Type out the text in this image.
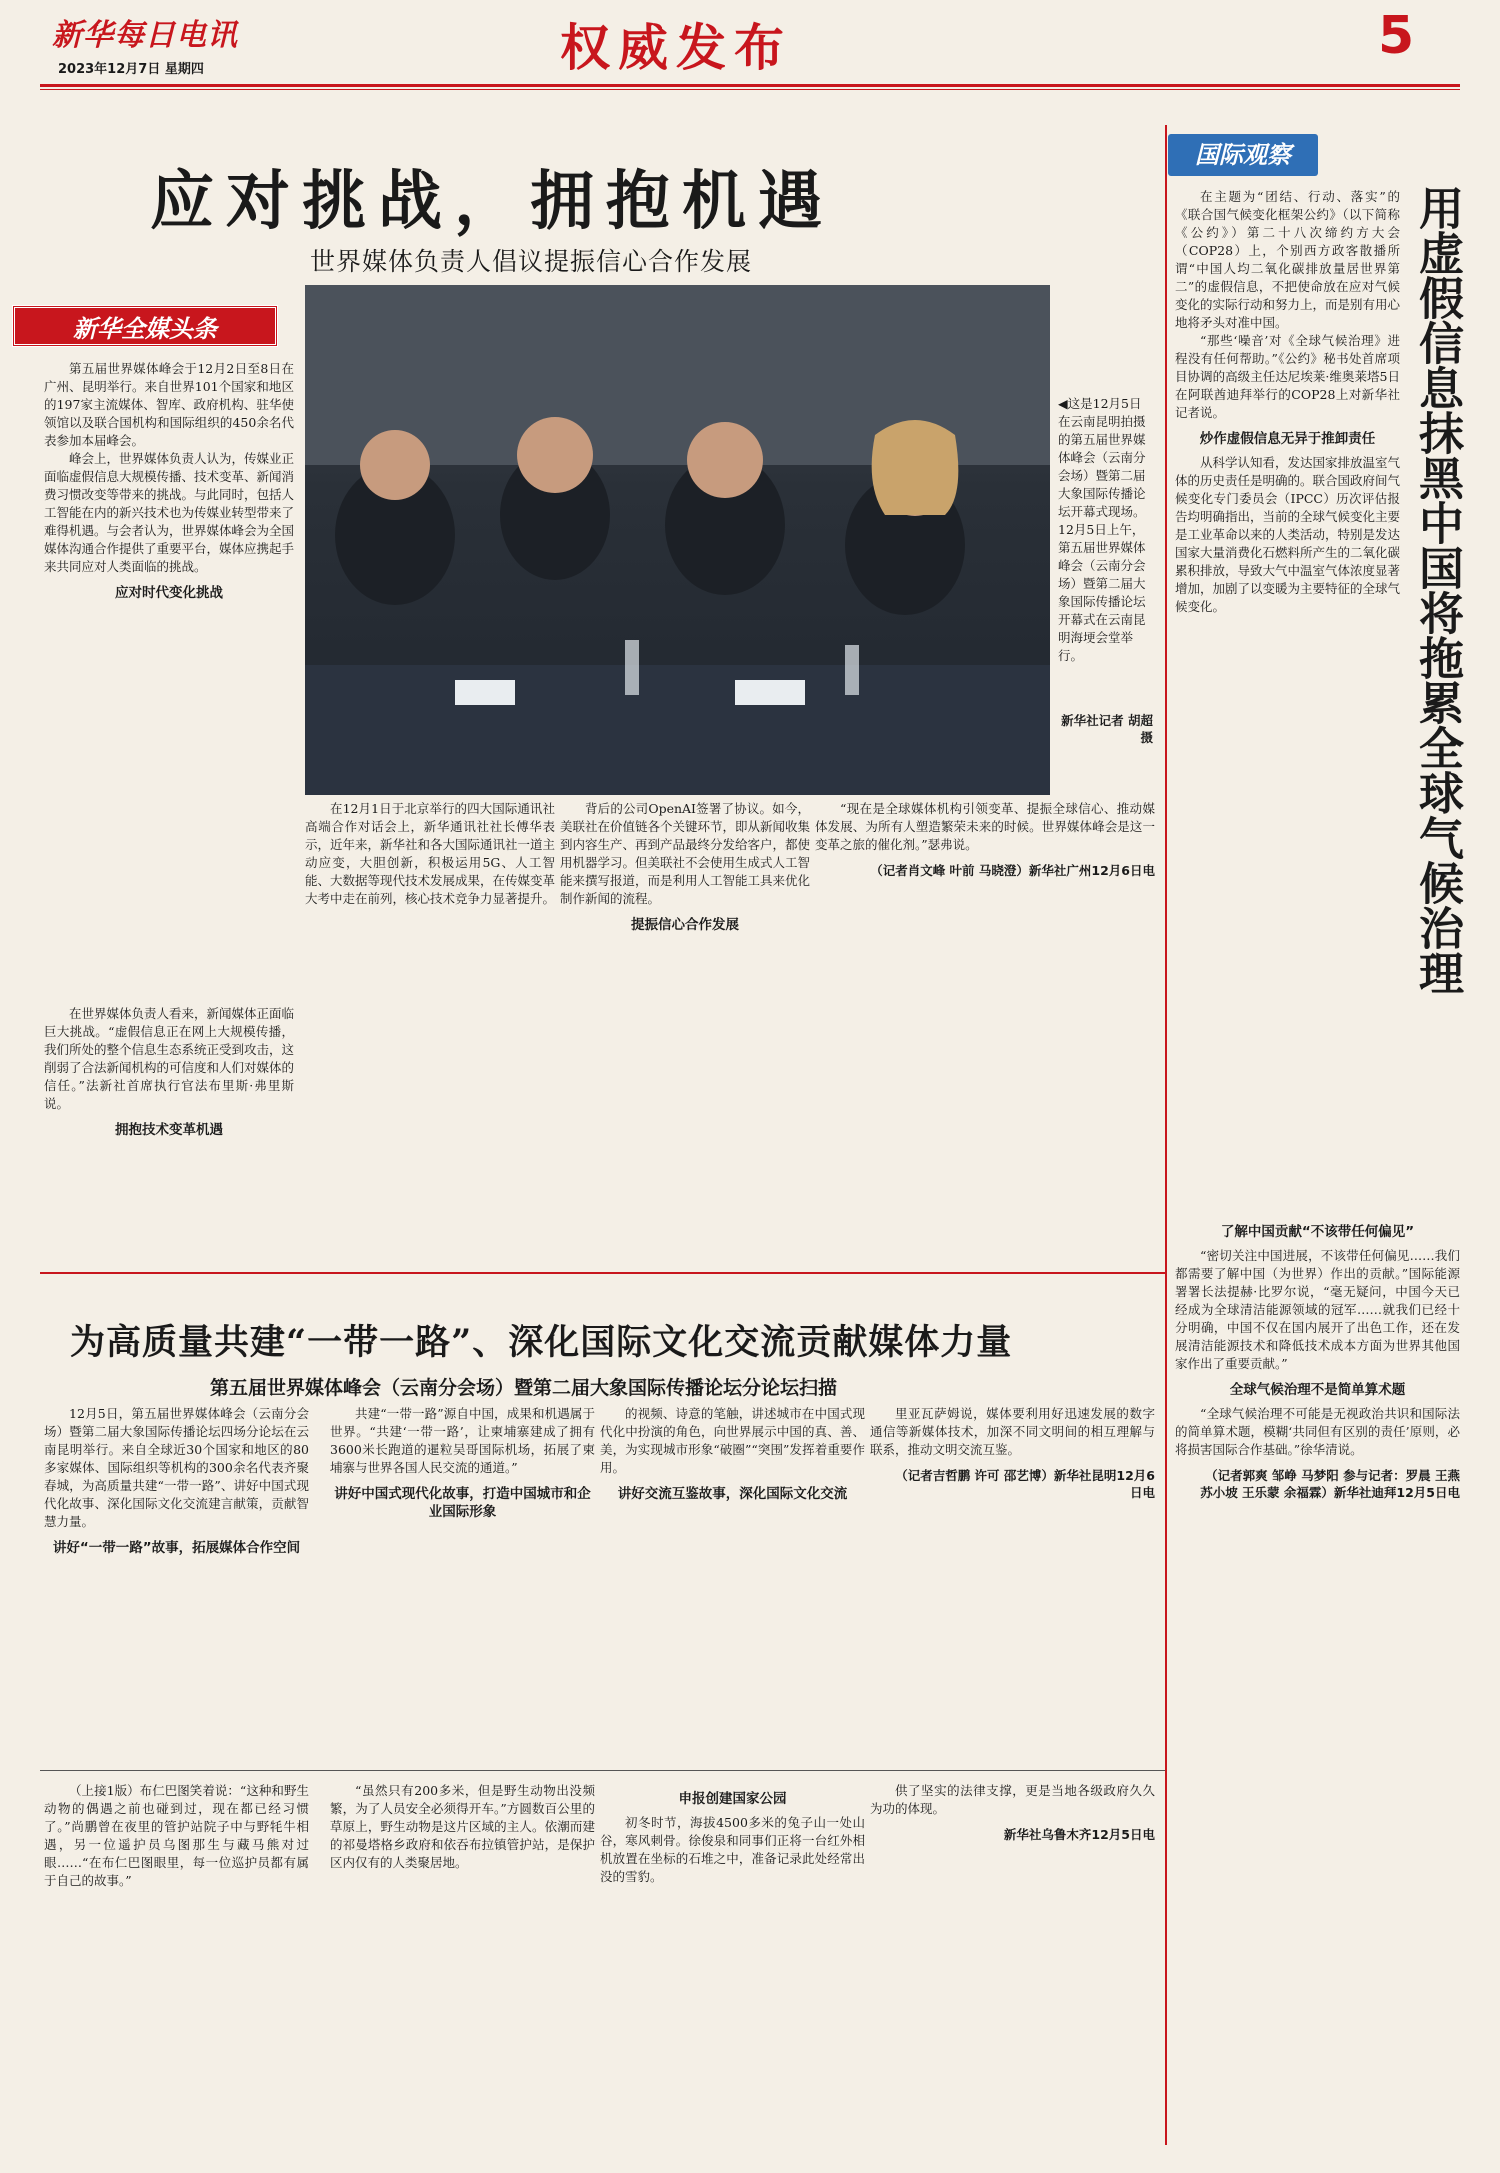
新华每日电讯
2023年12月7日 星期四	权威发布	5
应对挑战，拥抱机遇
世界媒体负责人倡议提振信心合作发展
新华全媒头条
◀这是12月5日在云南昆明拍摄的第五届世界媒体峰会（云南分会场）暨第二届大象国际传播论坛开幕式现场。12月5日上午，第五届世界媒体峰会（云南分会场）暨第二届大象国际传播论坛开幕式在云南昆明海埂会堂举行。
新华社记者 胡超摄

第五届世界媒体峰会于12月2日至8日在广州、昆明举行。来自世界101个国家和地区的197家主流媒体、智库、政府机构、驻华使领馆以及联合国机构和国际组织的450余名代表参加本届峰会。

峰会上，世界媒体负责人认为，传媒业正面临虚假信息大规模传播、技术变革、新闻消费习惯改变等带来的挑战。与此同时，包括人工智能在内的新兴技术也为传媒业转型带来了难得机遇。与会者认为，世界媒体峰会为全国媒体沟通合作提供了重要平台，媒体应携起手来共同应对人类面临的挑战。

应对时代变化挑战

在世界媒体负责人看来，新闻媒体正面临巨大挑战。“虚假信息正在网上大规模传播，我们所处的整个信息生态系统正受到攻击，这削弱了合法新闻机构的可信度和人们对媒体的信任。”法新社首席执行官法布里斯·弗里斯说。

拥抱技术变革机遇

在12月1日于北京举行的四大国际通讯社高端合作对话会上，新华通讯社社长傅华表示，近年来，新华社和各大国际通讯社一道主动应变，大胆创新，积极运用5G、人工智能、大数据等现代技术发展成果，在传媒变革大考中走在前列，核心技术竞争力显著提升。

背后的公司OpenAI签署了协议。如今，美联社在价值链各个关键环节，即从新闻收集到内容生产、再到产品最终分发给客户，都使用机器学习。但美联社不会使用生成式人工智能来撰写报道，而是利用人工智能工具来优化制作新闻的流程。

提振信心合作发展

“现在是全球媒体机构引领变革、提振全球信心、推动媒体发展、为所有人塑造繁荣未来的时候。世界媒体峰会是这一变革之旅的催化剂。”瑟弗说。

（记者肖文峰 叶前 马晓澄）新华社广州12月6日电
为高质量共建“一带一路”、深化国际文化交流贡献媒体力量
第五届世界媒体峰会（云南分会场）暨第二届大象国际传播论坛分论坛扫描

12月5日，第五届世界媒体峰会（云南分会场）暨第二届大象国际传播论坛四场分论坛在云南昆明举行。来自全球近30个国家和地区的80多家媒体、国际组织等机构的300余名代表齐聚春城，为高质量共建“一带一路”、讲好中国式现代化故事、深化国际文化交流建言献策，贡献智慧力量。

讲好“一带一路”故事，拓展媒体合作空间

共建“一带一路”源自中国，成果和机遇属于世界。“共建‘一带一路’，让柬埔寨建成了拥有3600米长跑道的暹粒吴哥国际机场，拓展了柬埔寨与世界各国人民交流的通道。”

讲好中国式现代化故事，打造中国城市和企业国际形象

的视频、诗意的笔触，讲述城市在中国式现代化中扮演的角色，向世界展示中国的真、善、美，为实现城市形象“破圈”“突围”发挥着重要作用。

讲好交流互鉴故事，深化国际文化交流

里亚瓦萨姆说，媒体要利用好迅速发展的数字通信等新媒体技术，加深不同文明间的相互理解与联系，推动文明交流互鉴。

（记者吉哲鹏 许可 邵艺博）新华社昆明12月6日电

（上接1版）布仁巴图笑着说：“这种和野生动物的偶遇之前也碰到过，现在都已经习惯了。”尚鹏曾在夜里的管护站院子中与野牦牛相遇，另一位遥护员乌图那生与藏马熊对过眼……“在布仁巴图眼里，每一位巡护员都有属于自己的故事。”

“虽然只有200多米，但是野生动物出没频繁，为了人员安全必须得开车。”方圆数百公里的草原上，野生动物是这片区域的主人。依潮而建的祁曼塔格乡政府和依吞布拉镇管护站，是保护区内仅有的人类聚居地。

申报创建国家公园

初冬时节，海拔4500多米的兔子山一处山谷，寒风刺骨。徐俊泉和同事们正将一台红外相机放置在坐标的石堆之中，准备记录此处经常出没的雪豹。

供了坚实的法律支撑，更是当地各级政府久久为功的体现。

新华社乌鲁木齐12月5日电
国际观察
用虚假信息抹黑中国将拖累全球气候治理

在主题为“团结、行动、落实”的《联合国气候变化框架公约》（以下简称《公约》）第二十八次缔约方大会（COP28）上，个别西方政客散播所谓“中国人均二氧化碳排放量居世界第二”的虚假信息，不把使命放在应对气候变化的实际行动和努力上，而是别有用心地将矛头对准中国。

“那些‘噪音’对《全球气候治理》进程没有任何帮助。”《公约》秘书处首席项目协调的高级主任达尼埃莱·维奥莱塔5日在阿联酋迪拜举行的COP28上对新华社记者说。

炒作虚假信息无异于推卸责任

从科学认知看，发达国家排放温室气体的历史责任是明确的。联合国政府间气候变化专门委员会（IPCC）历次评估报告均明确指出，当前的全球气候变化主要是工业革命以来的人类活动，特别是发达国家大量消费化石燃料所产生的二氧化碳累积排放，导致大气中温室气体浓度显著增加，加剧了以变暖为主要特征的全球气候变化。

了解中国贡献“不该带任何偏见”

“密切关注中国进展，不该带任何偏见……我们都需要了解中国（为世界）作出的贡献。”国际能源署署长法提赫·比罗尔说，“毫无疑问，中国今天已经成为全球清洁能源领域的冠军……就我们已经十分明确，中国不仅在国内展开了出色工作，还在发展清洁能源技术和降低技术成本方面为世界其他国家作出了重要贡献。”

全球气候治理不是简单算术题

“全球气候治理不可能是无视政治共识和国际法的简单算术题，模糊‘共同但有区别的责任’原则，必将损害国际合作基础。”徐华清说。

（记者郭爽 邹峥 马梦阳 参与记者：罗晨 王燕 苏小坡 王乐蒙 余福霖）新华社迪拜12月5日电
